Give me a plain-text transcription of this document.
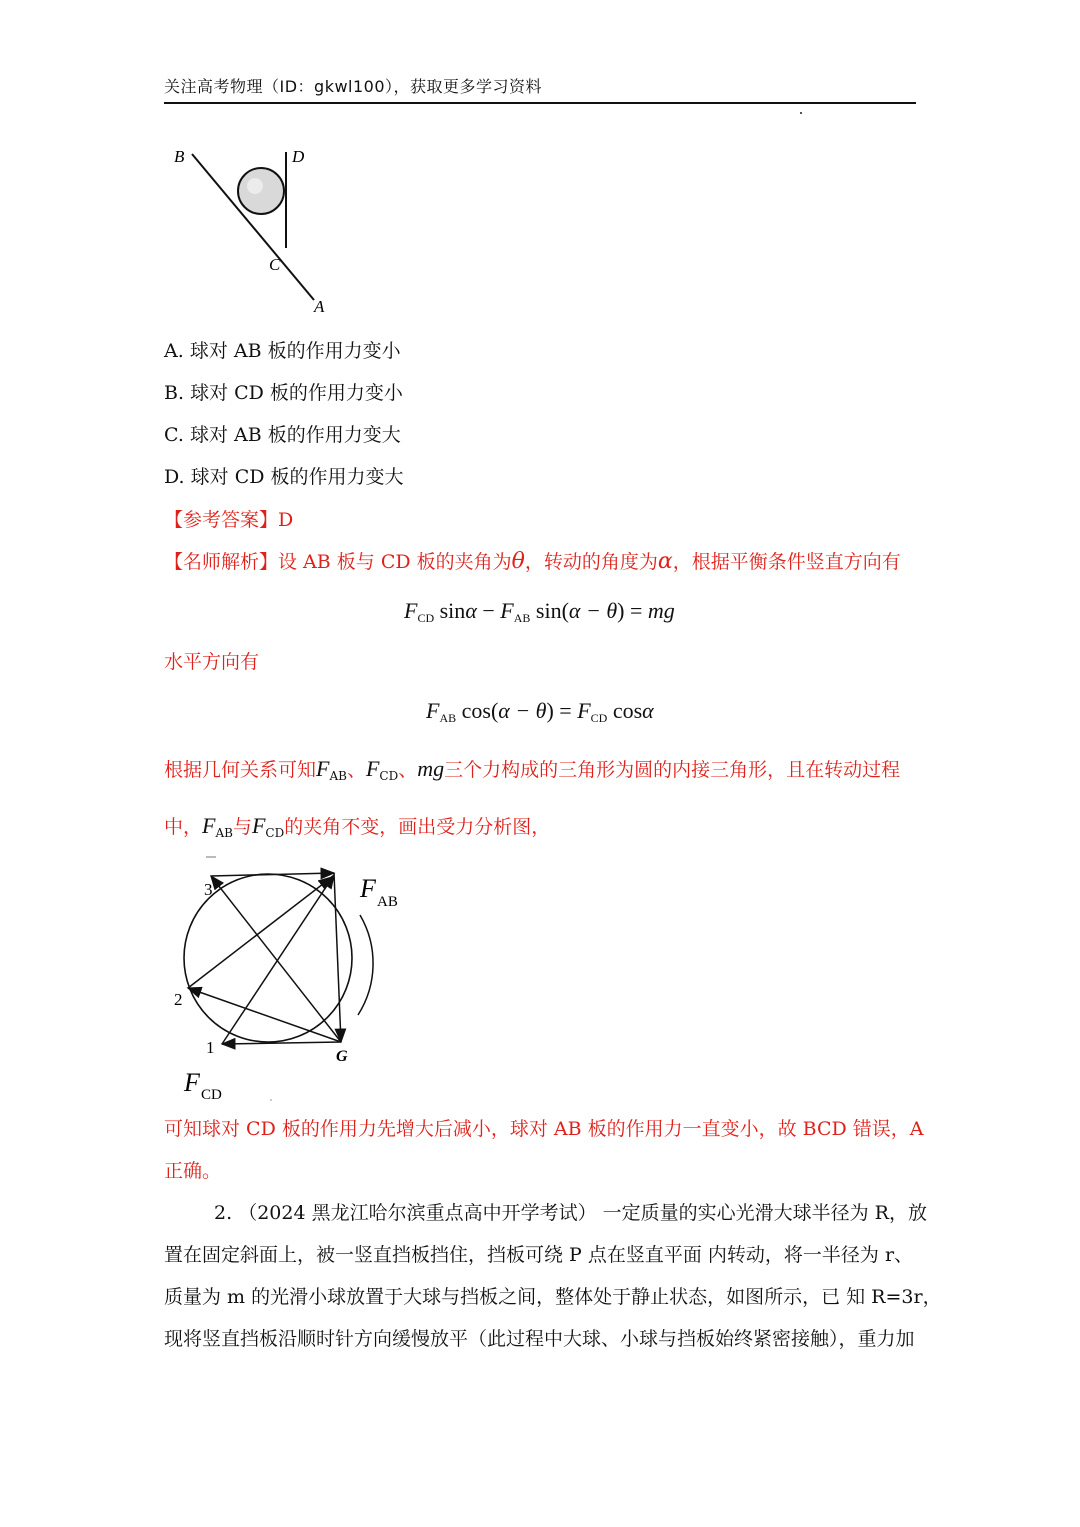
关注高考物理（ID：gkwl100），获取更多学习资料
B	D
C
A
A. 球对 AB 板的作用力变小
B. 球对 CD 板的作用力变小
C. 球对 AB 板的作用力变大
D. 球对 CD 板的作用力变大
【参考答案】D
【名师解析】设 AB 板与 CD 板的夹角为θ，转动的角度为α，根据平衡条件竖直方向有
$F_{CD}$ $\sin\alpha - F_{AB}$ sin(α − θ) = mg
水平方向有
$F_{AB}$ $\cos(\alpha - \theta) = F_{CD}$ cosα
根据几何关系可知$F_{AB}$、$F_{CD}$、mg三个力构成的三角形为圆的内接三角形，且在转动过程
中，$F_{AB}$与$F_{CD}$的夹角不变，画出受力分析图，
3
2
1	G
F AB
F CD
可知球对 CD 板的作用力先增大后减小，球对 AB 板的作用力一直变小，故 BCD 错误，A
正确。
2. （2024 黑龙江哈尔滨重点高中开学考试） 一定质量的实心光滑大球半径为 R，放
置在固定斜面上，被一竖直挡板挡住，挡板可绕 P 点在竖直平面 内转动，将一半径为 r、
质量为 m 的光滑小球放置于大球与挡板之间，整体处于静止状态，如图所示，已 知 R=3r，
现将竖直挡板沿顺时针方向缓慢放平（此过程中大球、小球与挡板始终紧密接触），重力加
